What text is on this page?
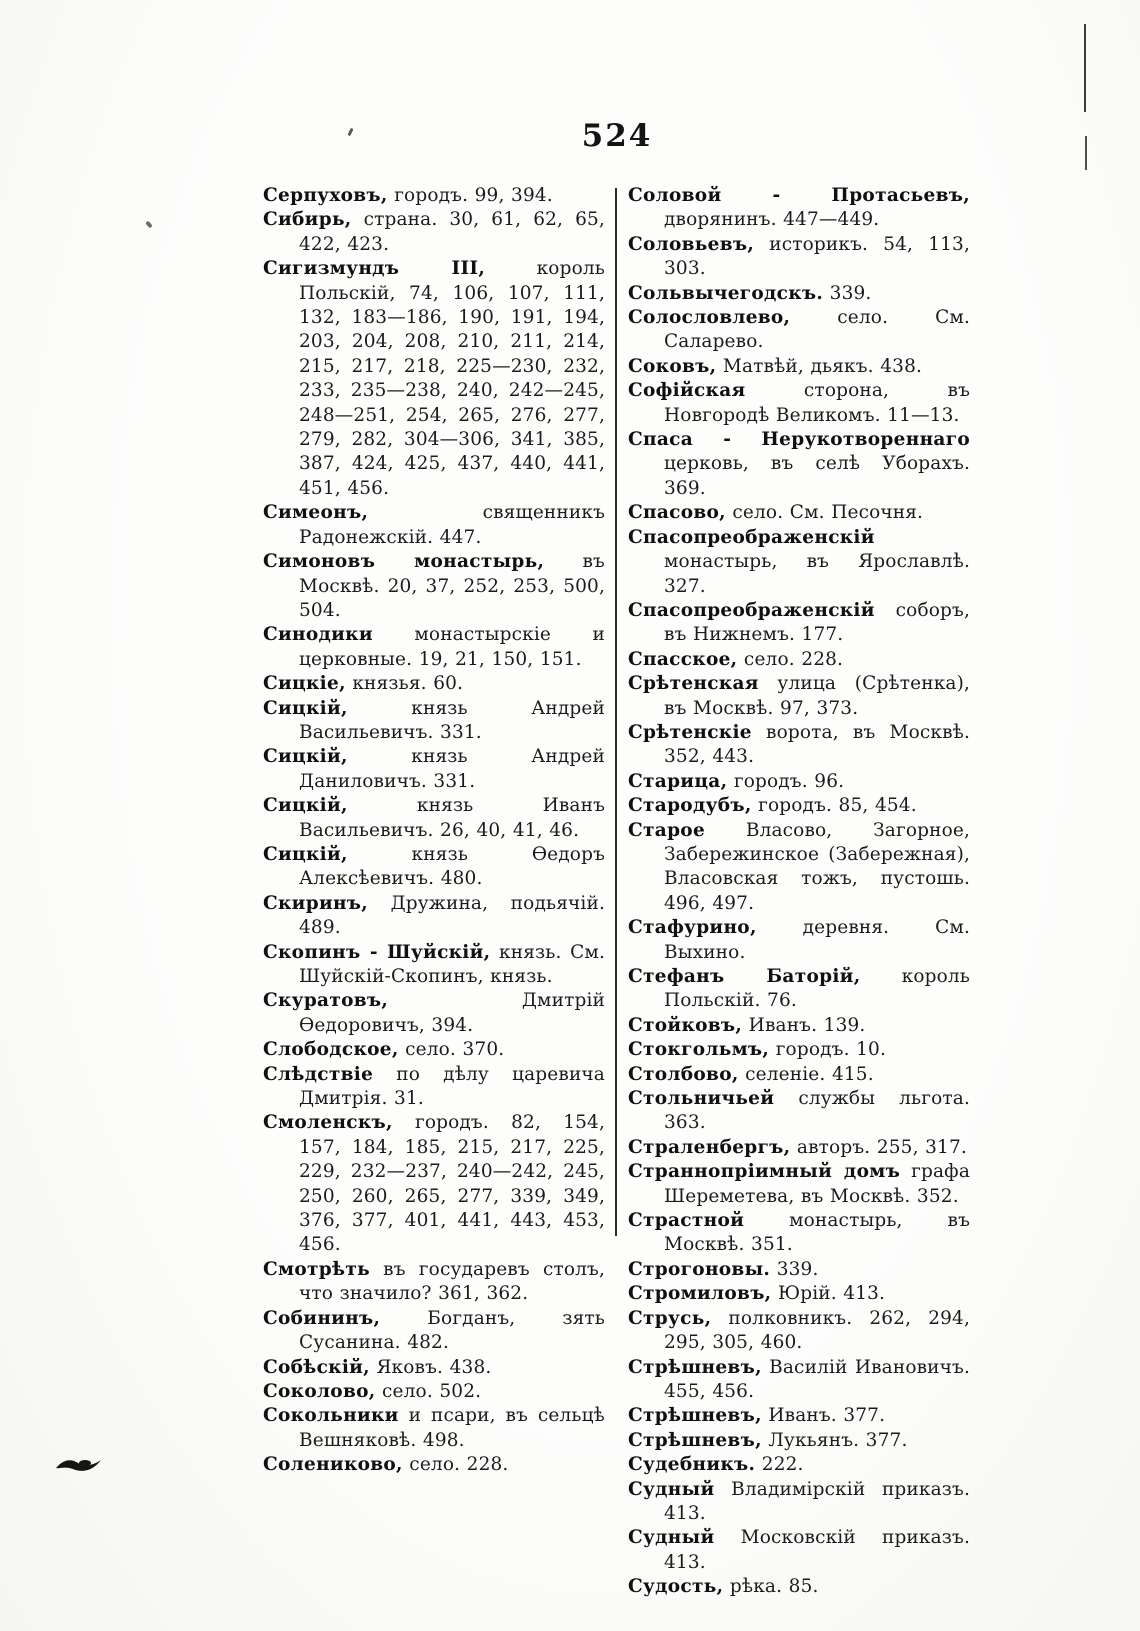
524

Серпуховъ, городъ. 99, 394.

Сибирь, страна. 30, 61, 62, 65, 422, 423.

Сигизмундъ III, король Польскій, 74, 106, 107, 111, 132, 183—186, 190, 191, 194, 203, 204, 208, 210, 211, 214, 215, 217, 218, 225—230, 232, 233, 235—238, 240, 242—245, 248—251, 254, 265, 276, 277, 279, 282, 304—306, 341, 385, 387, 424, 425, 437, 440, 441, 451, 456.

Симеонъ, священникъ Радонежскій. 447.

Симоновъ монастырь, въ Москвѣ. 20, 37, 252, 253, 500, 504.

Синодики монастырскіе и церковные. 19, 21, 150, 151.

Сицкіе, князья. 60.

Сицкій, князь Андрей Васильевичъ. 331.

Сицкій, князь Андрей Даниловичъ. 331.

Сицкій, князь Иванъ Васильевичъ. 26, 40, 41, 46.

Сицкій, князь Ѳедоръ Алексѣевичъ. 480.

Скиринъ, Дружина, подьячій. 489.

Скопинъ - Шуйскій, князь. См. Шуйскій-Скопинъ, князь.

Скуратовъ, Дмитрій Ѳедоровичъ, 394.

Слободское, село. 370.

Слѣдствіе по дѣлу царевича Дмитрія. 31.

Смоленскъ, городъ. 82, 154, 157, 184, 185, 215, 217, 225, 229, 232—237, 240—242, 245, 250, 260, 265, 277, 339, 349, 376, 377, 401, 441, 443, 453, 456.

Смотрѣть въ государевъ столъ, что значило? 361, 362.

Собининъ, Богданъ, зять Сусанина. 482.

Собѣскій, Яковъ. 438.

Соколово, село. 502.

Сокольники и псари, въ сельцѣ Вешняковѣ. 498.

Солениково, село. 228.

Соловой - Протасьевъ, дворянинъ. 447—449.

Соловьевъ, историкъ. 54, 113, 303.

Сольвычегодскъ. 339.

Солословлево, село. См. Саларево.

Соковъ, Матвѣй, дьякъ. 438.

Софійская сторона, въ Новгородѣ Великомъ. 11—13.

Спаса - Нерукотвореннаго церковь, въ селѣ Уборахъ. 369.

Спасово, село. См. Песочня.

Спасопреображенскій монастырь, въ Ярославлѣ. 327.

Спасопреображенскій соборъ, въ Нижнемъ. 177.

Спасское, село. 228.

Срѣтенская улица (Срѣтенка), въ Москвѣ. 97, 373.

Срѣтенскіе ворота, въ Москвѣ. 352, 443.

Старица, городъ. 96.

Стародубъ, городъ. 85, 454.

Старое Власово, Загорное, Забережинское (Забережная), Власовская тожъ, пустошь. 496, 497.

Стафурино, деревня. См. Выхино.

Стефанъ Баторій, король Польскій. 76.

Стойковъ, Иванъ. 139.

Стокгольмъ, городъ. 10.

Столбово, селеніе. 415.

Стольничьей службы льгота. 363.

Страленбергъ, авторъ. 255, 317.

Страннопріимный домъ графа Шереметева, въ Москвѣ. 352.

Страстной монастырь, въ Москвѣ. 351.

Строгоновы. 339.

Стромиловъ, Юрій. 413.

Струсь, полковникъ. 262, 294, 295, 305, 460.

Стрѣшневъ, Василій Ивановичъ. 455, 456.

Стрѣшневъ, Иванъ. 377.

Стрѣшневъ, Лукьянъ. 377.

Судебникъ. 222.

Судный Владимірскій приказъ. 413.

Судный Московскій приказъ. 413.

Судость, рѣка. 85.
